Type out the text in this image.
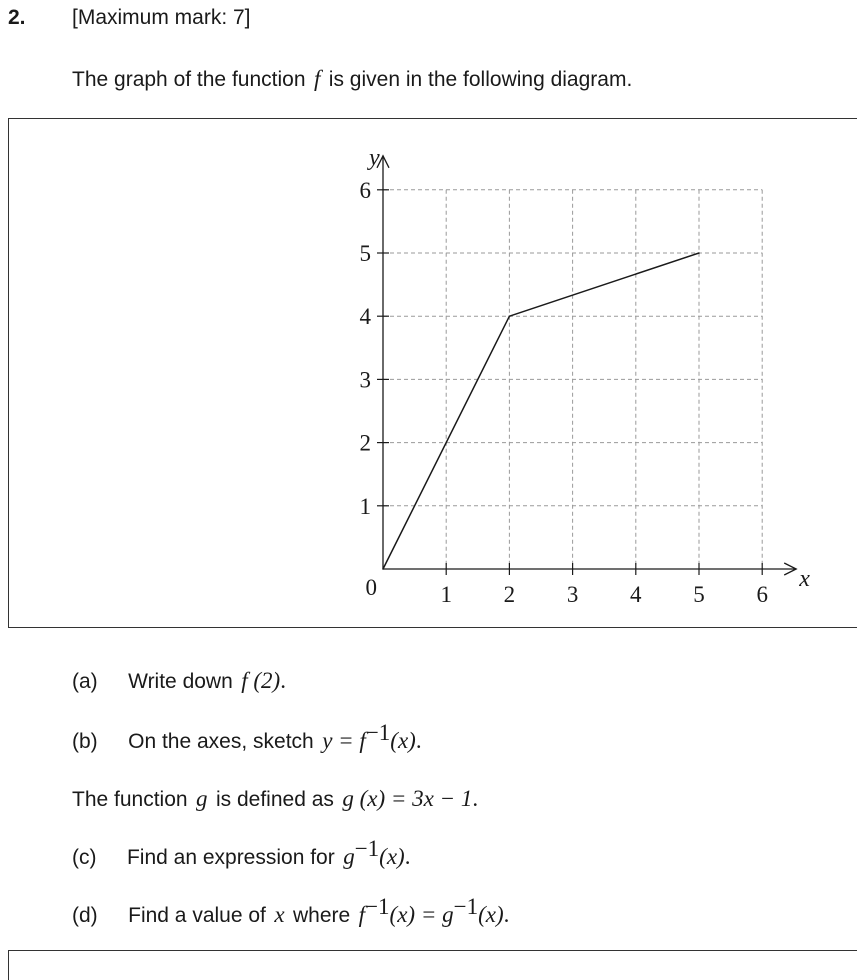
2. [Maximum mark: 7]
The graph of the function f is given in the following diagram.
1 2 3 4 5 6
1
2
3
4
5
6
0	x
y
(a) Write down f (2).
(b) On the axes, sketch $y = f^{-1}(x)$.
The function g is defined as g (x) = 3x − 1.
(c) Find an expression for $g^{-1}(x)$.
(d) Find a value of x where $f^{-1}(x) = g^{-1}(x)$.
